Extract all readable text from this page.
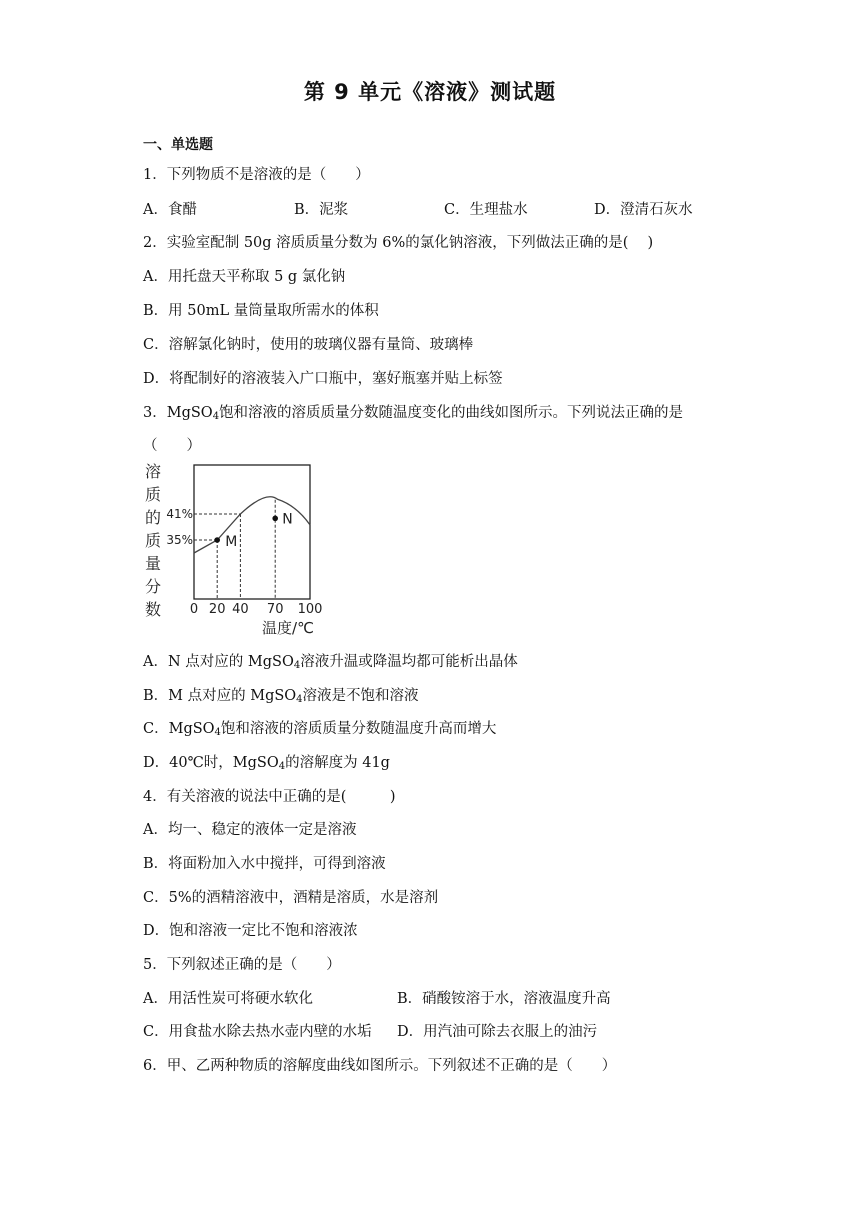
第 9 单元《溶液》测试题
一、单选题
1．下列物质不是溶液的是（　　）
A．食醋	B．泥浆	C．生理盐水	D．澄清石灰水
2．实验室配制 50g 溶质质量分数为 6%的氯化钠溶液，下列做法正确的是(　 )
A．用托盘天平称取 5 g 氯化钠
B．用 50mL 量筒量取所需水的体积
C．溶解氯化钠时，使用的玻璃仪器有量筒、玻璃棒
D．将配制好的溶液装入广口瓶中，塞好瓶塞并贴上标签
3．MgSO$_4$饱和溶液的溶质质量分数随温度变化的曲线如图所示。下列说法正确的是
（　　）
溶
质
的
质
量
分
数
M
N
41%
35%
0 20 40 70 100
温度/℃
A．N 点对应的 MgSO$_4$溶液升温或降温均都可能析出晶体
B．M 点对应的 MgSO$_4$溶液是不饱和溶液
C．MgSO$_4$饱和溶液的溶质质量分数随温度升高而增大
D．40℃时，MgSO$_4$的溶解度为 41g
4．有关溶液的说法中正确的是(　　　)
A．均一、稳定的液体一定是溶液
B．将面粉加入水中搅拌，可得到溶液
C．5%的酒精溶液中，酒精是溶质，水是溶剂
D．饱和溶液一定比不饱和溶液浓
5．下列叙述正确的是（　　）
A．用活性炭可将硬水软化	B．硝酸铵溶于水，溶液温度升高
C．用食盐水除去热水壶内壁的水垢 D．用汽油可除去衣服上的油污
6．甲、乙两种物质的溶解度曲线如图所示。下列叙述不正确的是（　　）
